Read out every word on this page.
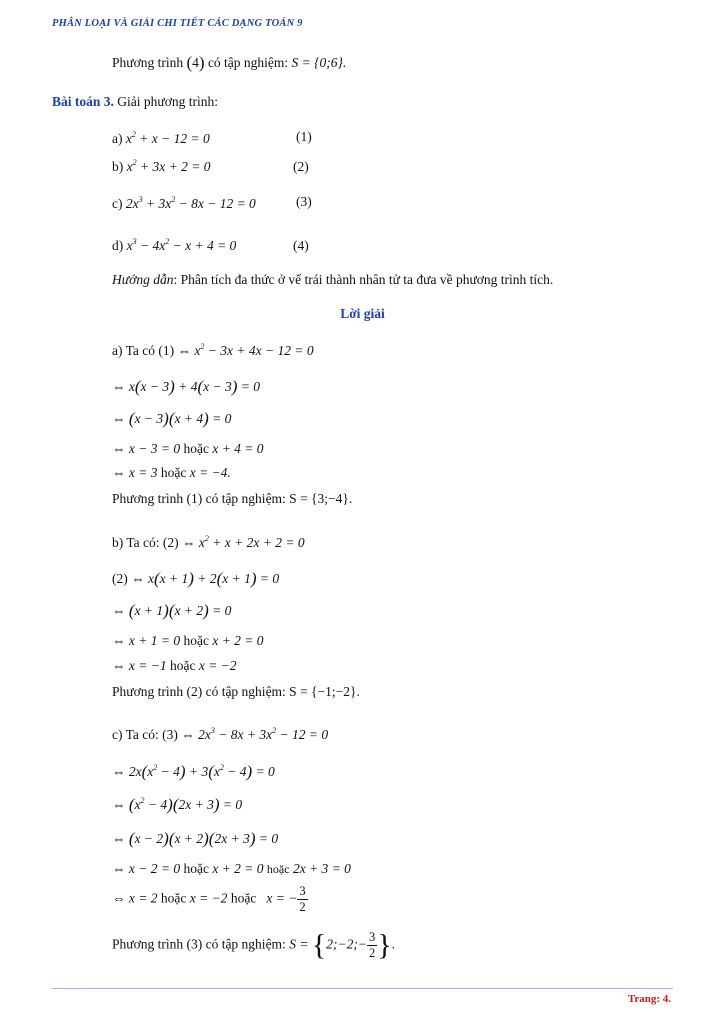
PHÂN LOẠI VÀ GIẢI CHI TIẾT CÁC DẠNG TOÁN 9
Phương trình (4) có tập nghiệm: S = {0;6}.
Bài toán 3. Giải phương trình:
a) $x^2 + x - 12 = 0$	(1)
b) $x^2 + 3x + 2 = 0$	(2)
c) $2x^3 + 3x^2 - 8x - 12 = 0$	(3)
d) $x^3 - 4x^2 - x + 4 = 0$	(4)
Hướng dẫn: Phân tích đa thức ở vế trái thành nhân tử ta đưa về phương trình tích.
Lời giải
a) Ta có (1) ⇔ $x^2 - 3x + 4x - 12 = 0$
⇔ x(x − 3) + 4(x − 3) = 0
⇔ (x − 3)(x + 4) = 0
⇔ x − 3 = 0 hoặc x + 4 = 0
⇔ x = 3 hoặc x = −4.
Phương trình (1) có tập nghiệm: S = {3;−4}.
b) Ta có: (2) ⇔ $x^2 + x + 2x + 2 = 0$
(2) ⇔ x(x + 1) + 2(x + 1) = 0
⇔ (x + 1)(x + 2) = 0
⇔ x + 1 = 0 hoặc x + 2 = 0
⇔ x = −1 hoặc x = −2
Phương trình (2) có tập nghiệm: S = {−1;−2}.
c) Ta có: (3) ⇔ $2x^3 - 8x + 3x^2 - 12 = 0$
⇔ $2x(x^2 - 4) + 3(x^2 - 4) = 0$
⇔ $(x^2 - 4)(2x + 3) = 0$
⇔ (x − 2)(x + 2)(2x + 3) = 0
⇔ x − 2 = 0 hoặc x + 2 = 0 hoặc 2x + 3 = 0
⇔ x = 2 hoặc x = −2 hoặc x = − $\frac{3}{2}$
Phương trình (3) có tập nghiệm: S = {2;−2;− $\frac{3}{2}$ }.
Trang: 4.
